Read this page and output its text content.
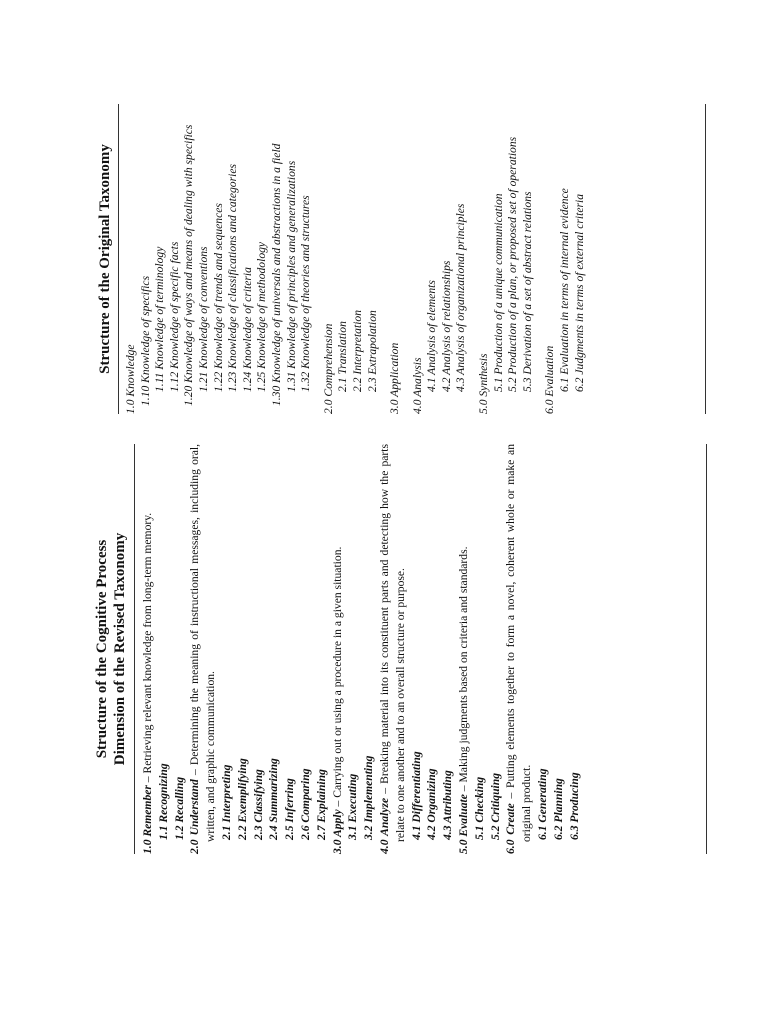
Structure of the Cognitive Process Dimension of the Revised Taxonomy
1.0 Remember – Retrieving relevant knowledge from long-term memory.
1.1 Recognizing 1.2 Recalling 2.0 Understand – Determining the meaning of instructional messages, including oral, written, and graphic communication. 2.1 Interpreting 2.2 Exemplifying 2.3 Classifying 2.4 Summarizing 2.5 Inferring 2.6 Comparing 2.7 Explaining 3.0 Apply – Carrying out or using a procedure in a given situation. 3.1 Executing 3.2 Implementing 4.0 Analyze – Breaking material into its constituent parts and detecting how the parts relate to one another and to an overall structure or purpose. 4.1 Differentiating 4.2 Organizing 4.3 Attributing 5.0 Evaluate – Making judgments based on criteria and standards.
5.1 Checking 5.2 Critiquing 6.0 Create – Putting elements together to form a novel, coherent whole or make an original product. 6.1 Generating 6.2 Planning 6.3 Producing
Structure of the Original Taxonomy
1.0 Knowledge 1.10 Knowledge of specifics 1.11 Knowledge of terminology 1.12 Knowledge of specific facts 1.20 Knowledge of ways and means of dealing with specifics 1.21 Knowledge of conventions 1.22 Knowledge of trends and sequences 1.23 Knowledge of classifications and categories 1.24 Knowledge of criteria 1.25 Knowledge of methodology 1.30 Knowledge of universals and abstractions in a field 1.31 Knowledge of principles and generalizations 1.32 Knowledge of theories and structures 2.0 Comprehension 2.1 Translation 2.2 Interpretation 2.3 Extrapolation 3.0 Application 4.0 Analysis 4.1 Analysis of elements 4.2 Analysis of relationships 4.3 Analysis of organizational principles 5.0 Synthesis 5.1 Production of a unique communication 5.2 Production of a plan, or proposed set of operations 5.3 Derivation of a set of abstract relations 6.0 Evaluation 6.1 Evaluation in terms of internal evidence 6.2 Judgments in terms of external criteria
